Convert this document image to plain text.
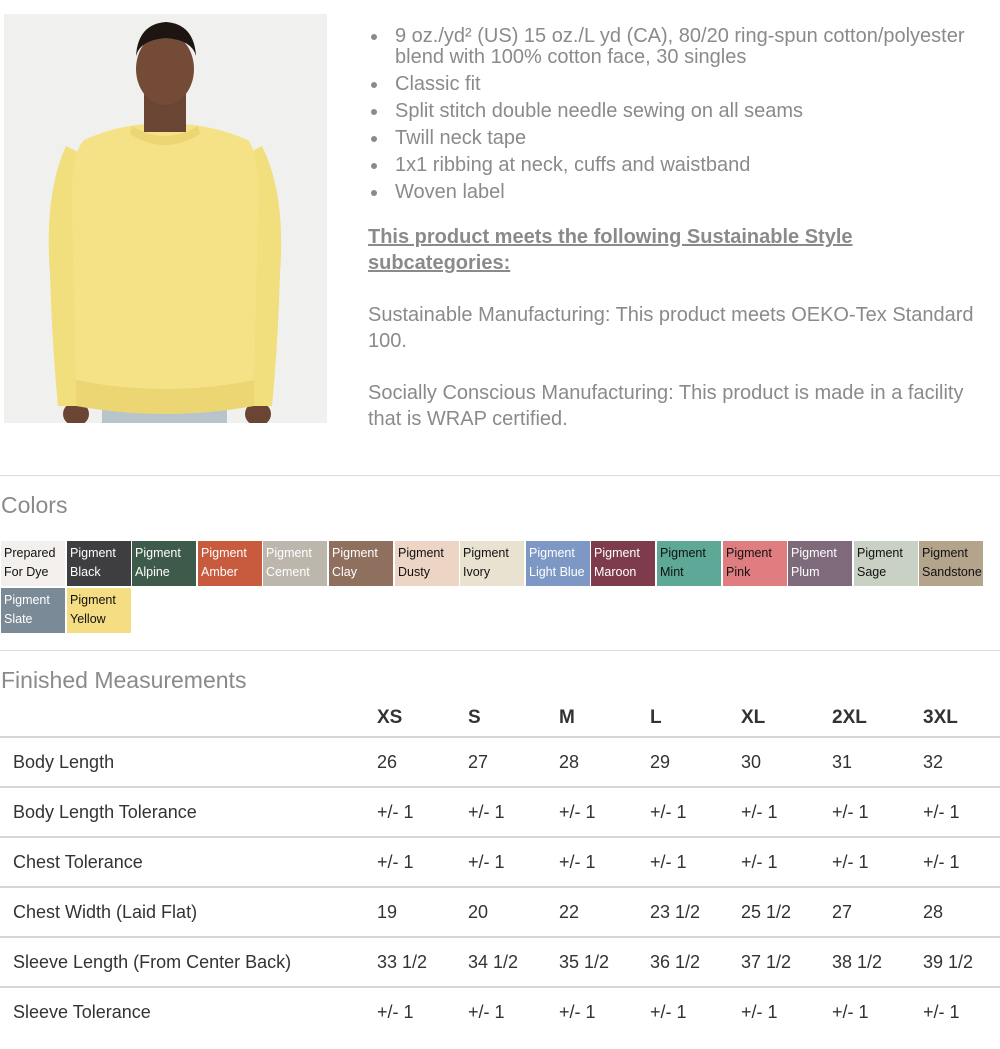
9 oz./yd² (US) 15 oz./L yd (CA), 80/20 ring-spun cotton/polyester blend with 100% cotton face, 30 singles
Classic fit
Split stitch double needle sewing on all seams
Twill neck tape
1x1 ribbing at neck, cuffs and waistband
Woven label
This product meets the following Sustainable Style subcategories:
Sustainable Manufacturing: This product meets OEKO-Tex Standard 100.
Socially Conscious Manufacturing: This product is made in a facility that is WRAP certified.
Colors
Prepared
For Dye
Pigment
Black
Pigment
Alpine
Pigment
Amber
Pigment
Cement
Pigment
Clay
Pigment
Dusty
Pigment
Ivory
Pigment
Light Blue
Pigment
Maroon
Pigment
Mint
Pigment
Pink
Pigment
Plum
Pigment
Sage
Pigment
Sandstone
Pigment
Slate
Pigment
Yellow
Finished Measurements
	XS	S	M	L	XL	2XL	3XL
Body Length	26	27	28	29	30	31	32
Body Length Tolerance	+/- 1	+/- 1	+/- 1	+/- 1	+/- 1	+/- 1	+/- 1
Chest Tolerance	+/- 1	+/- 1	+/- 1	+/- 1	+/- 1	+/- 1	+/- 1
Chest Width (Laid Flat)	19	20	22	23 1/2	25 1/2	27	28
Sleeve Length (From Center Back)	33 1/2	34 1/2	35 1/2	36 1/2	37 1/2	38 1/2	39 1/2
Sleeve Tolerance	+/- 1	+/- 1	+/- 1	+/- 1	+/- 1	+/- 1	+/- 1
